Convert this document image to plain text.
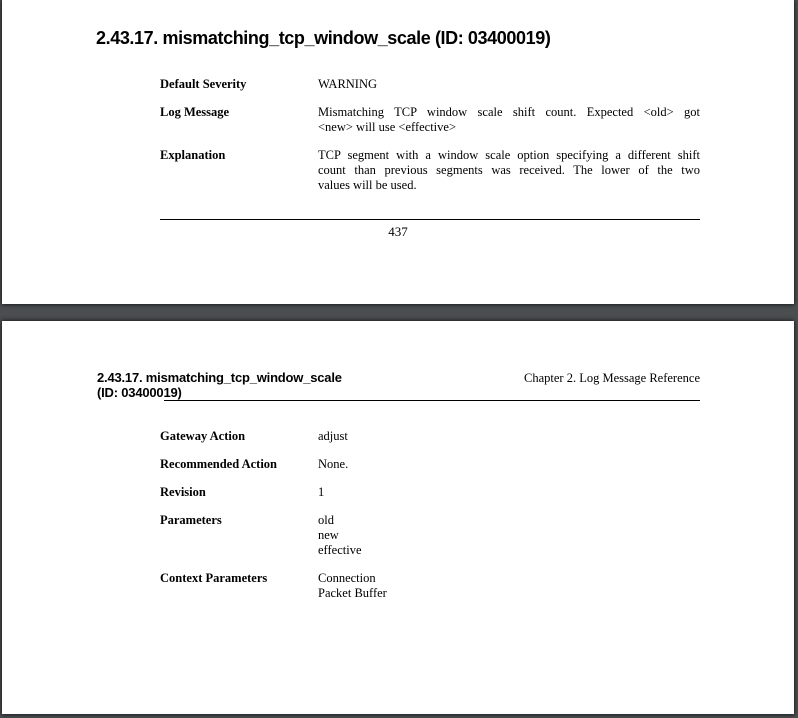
2.43.17. mismatching_tcp_window_scale (ID: 03400019)
Default Severity	WARNING
Log Message	Mismatching TCP window scale shift count. Expected <old> got
<new> will use <effective>
Explanation	TCP segment with a window scale option specifying a different shift
count than previous segments was received. The lower of the two
values will be used.
437
2.43.17. mismatching_tcp_window_scale
(ID: 03400019)
Chapter 2. Log Message Reference
Gateway Action	adjust
Recommended Action	None.
Revision	1
Parameters	old
new
effective
Context Parameters	Connection
Packet Buffer
